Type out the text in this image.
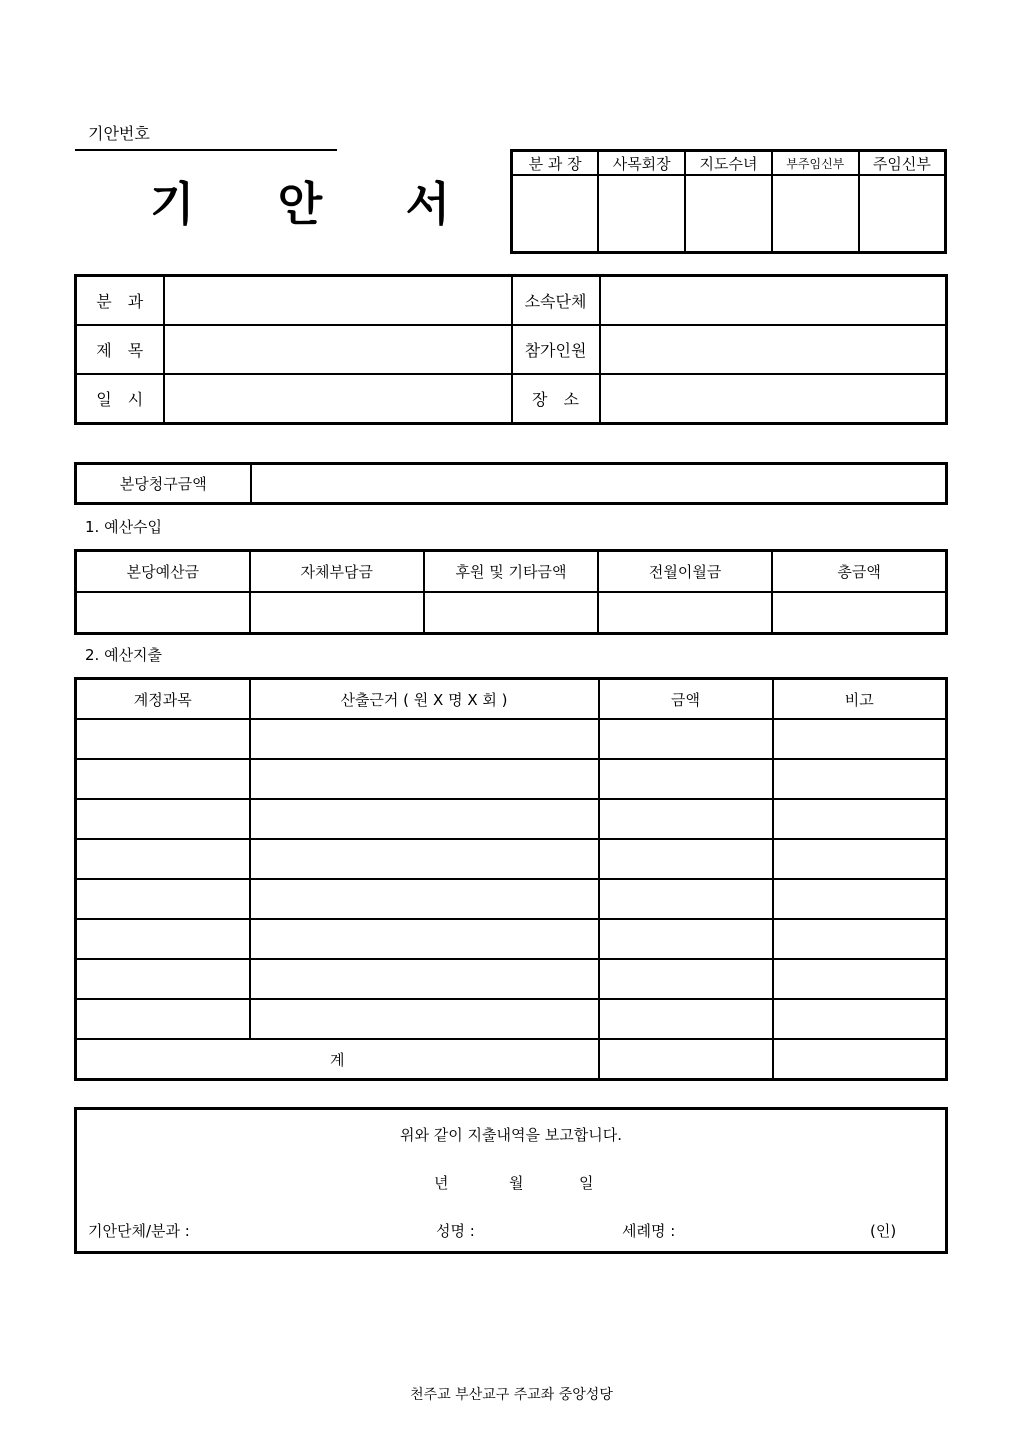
기안번호
기 안 서
분 과 장	사목회장	지도수녀	부주임신부	주임신부

분　과		소속단체	
제　목		참가인원	
일　시		장　소	
본당청구금액	
1. 예산수입
본당예산금	자체부담금	후원 및 기타금액	전월이월금	총금액

2. 예산지출
계정과목	산출근거 ( 원 X 명 X 회 )	금액	비고

계			
위와 같이 지출내역을 보고합니다.
년	월	일
기안단체/분과 :	성명 :	세례명 :	(인)
천주교 부산교구 주교좌 중앙성당
